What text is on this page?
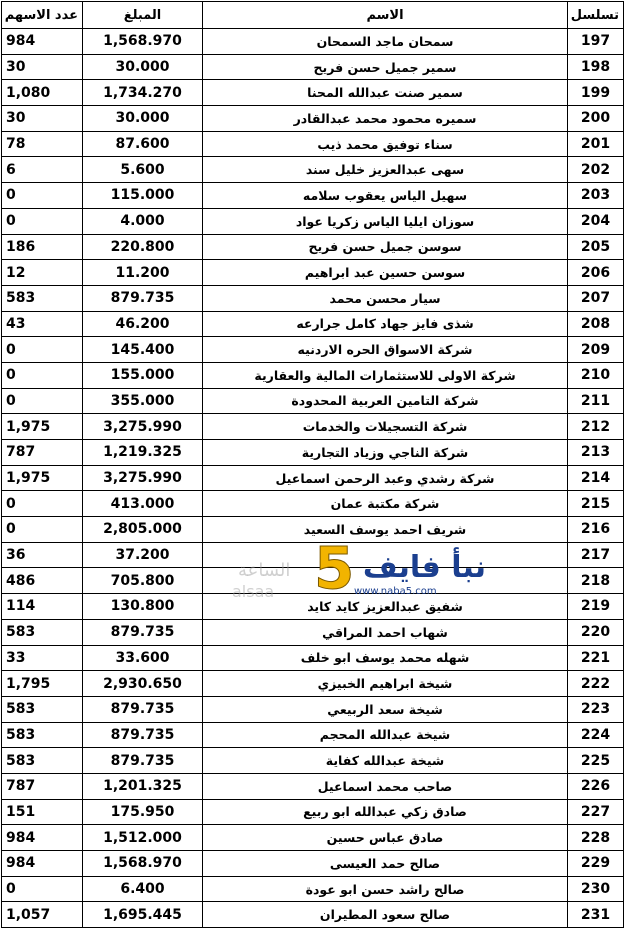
تسلسل	الاسم	المبلغ	عدد الاسهم
197	سمحان ماجد السمحان	1,568.970	984
198	سمير جميل حسن فريح	30.000	30
199	سمير صنت عبدالله المحنا	1,734.270	1,080
200	سميره محمود محمد عبدالقادر	30.000	30
201	سناء توفيق محمد ذيب	87.600	78
202	سهى عبدالعزيز خليل سند	5.600	6
203	سهيل الياس يعقوب سلامه	115.000	0
204	سوزان ايليا الياس زكريا عواد	4.000	0
205	سوسن جميل حسن فريح	220.800	186
206	سوسن حسين عبد ابراهيم	11.200	12
207	سيار محسن محمد	879.735	583
208	شذى فايز جهاد كامل جرارعه	46.200	43
209	شركة الاسواق الحره الاردنيه	145.400	0
210	شركة الاولى للاستثمارات المالية والعقارية	155.000	0
211	شركة التامين العربية المحدودة	355.000	0
212	شركة التسجيلات والخدمات	3,275.990	1,975
213	شركة الناجي وزياد التجارية	1,219.325	787
214	شركة رشدي وعبد الرحمن اسماعيل	3,275.990	1,975
215	شركة مكتبة عمان	413.000	0
216	شريف احمد يوسف السعيد	2,805.000	0
217		37.200	36
218		705.800	486
219	شفيق عبدالعزيز كايد كايد	130.800	114
220	شهاب احمد المراقي	879.735	583
221	شهله محمد يوسف ابو خلف	33.600	33
222	شيخة ابراهيم الخبيزي	2,930.650	1,795
223	شيخة سعد الربيعي	879.735	583
224	شيخة عبدالله المحجم	879.735	583
225	شيخة عبدالله كفاية	879.735	583
226	صاحب محمد اسماعيل	1,201.325	787
227	صادق زكي عبدالله ابو ربيع	175.950	151
228	صادق عباس حسين	1,512.000	984
229	صالح حمد العيسى	1,568.970	984
230	صالح راشد حسن ابو عودة	6.400	0
231	صالح سعود المطيران	1,695.445	1,057
الساعة
alsaa 5 نبأ فايف
www.naba5.com
